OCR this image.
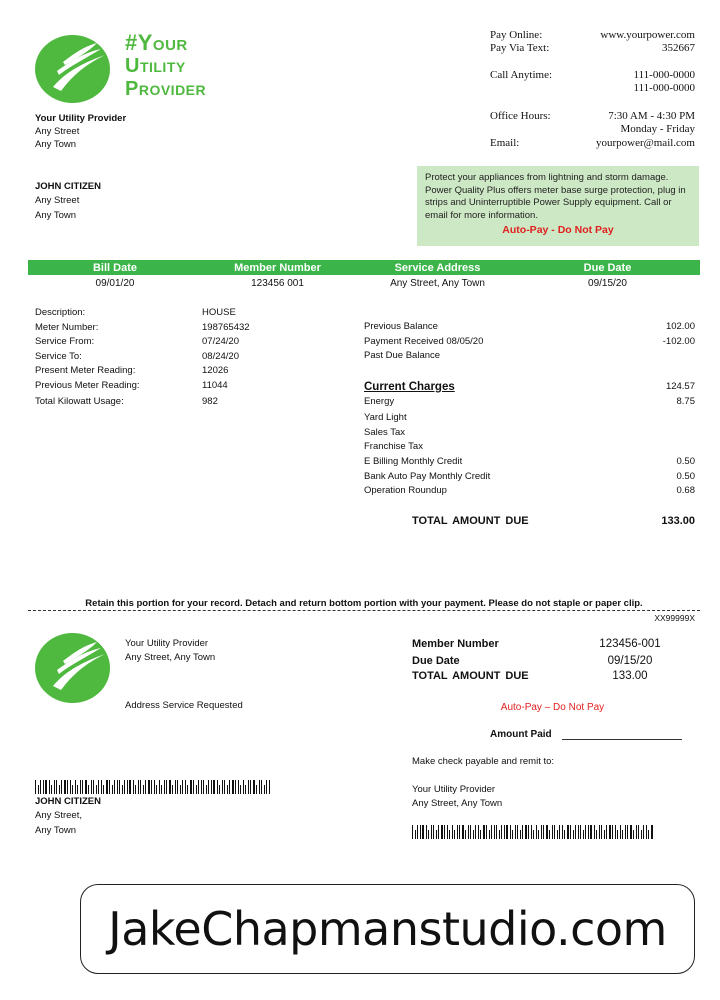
#Your
Utility
Provider
Your Utility Provider
Any Street
Any Town
Pay Online:	www.yourpower.com
Pay Via Text:	352667
Call Anytime:	111-000-0000
111-000-0000
Office Hours:	7:30 AM - 4:30 PM
Monday - Friday
Email:	yourpower@mail.com
JOHN CITIZEN
Any Street
Any Town
Protect your appliances from lightning and storm damage. Power Quality Plus offers meter base surge protection, plug in strips and Uninterruptible Power Supply equipment. Call or email for more information.
Auto-Pay - Do Not Pay
Bill Date	Member Number	Service Address	Due Date
09/01/20	123456 001	Any Street, Any Town	09/15/20
Description:	HOUSE
Meter Number:	198765432
Service From:	07/24/20
Service To:	08/24/20
Present Meter Reading:	12026
Previous Meter Reading:	11044
Total Kilowatt Usage:	982
Previous Balance	102.00
Payment Received 08/05/20	-102.00
Past Due Balance
Current Charges	124.57
Energy	8.75
Yard Light
Sales Tax
Franchise Tax
E Billing Monthly Credit	0.50
Bank Auto Pay Monthly Credit	0.50
Operation Roundup	0.68
TOTAL AMOUNT DUE	133.00
Retain this portion for your record. Detach and return bottom portion with your payment. Please do not staple or paper clip.
XX99999X
Your Utility Provider
Any Street, Any Town
Address Service Requested
Member Number	123456-001
Due Date	09/15/20
TOTAL AMOUNT DUE	133.00
Auto-Pay – Do Not Pay
Amount Paid
Make check payable and remit to:
Your Utility Provider
Any Street, Any Town
JOHN CITIZEN
Any Street,
Any Town
JakeChapmanstudio.com
